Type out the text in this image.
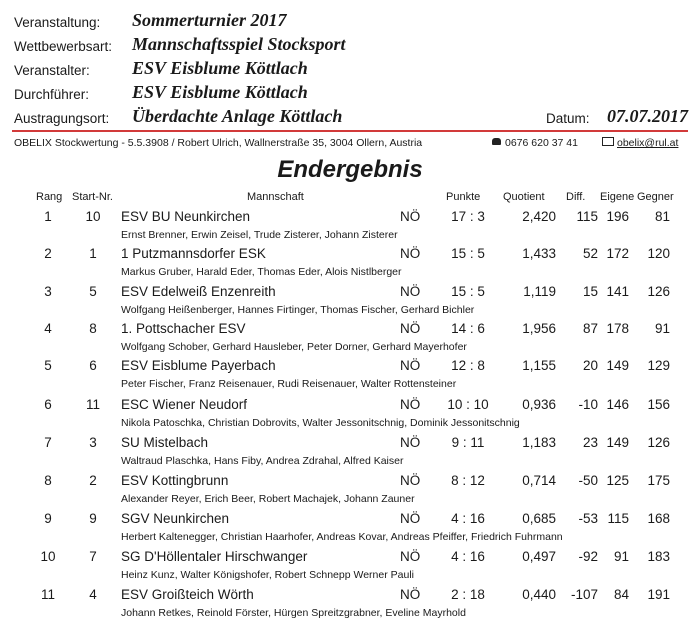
Veranstaltung: Sommerturnier 2017
Wettbewerbsart: Mannschaftsspiel Stocksport
Veranstalter: ESV Eisblume Köttlach
Durchführer: ESV Eisblume Köttlach
Austragungsort: Überdachte Anlage Köttlach	Datum: 07.07.2017
OBELIX Stockwertung - 5.5.3908 / Robert Ulrich, Wallnerstraße 35, 3004 Ollern, Austria	0676 620 37 41	obelix@rul.at
Endergebnis
Rang Start-Nr.	Mannschaft	Punkte Quotient Diff. Eigene Gegner
1	10	ESV BU Neunkirchen	NÖ	17 : 3	2,420	115 196	81
Ernst Brenner, Erwin Zeisel, Trude Zisterer, Johann Zisterer
2	1	1 Putzmannsdorfer ESK	NÖ	15 : 5	1,433	52 172	120
Markus Gruber, Harald Eder, Thomas Eder, Alois Nistlberger
3	5	ESV Edelweiß Enzenreith	NÖ	15 : 5	1,119	15 141	126
Wolfgang Heißenberger, Hannes Firtinger, Thomas Fischer, Gerhard Bichler
4	8	1. Pottschacher ESV	NÖ	14 : 6	1,956	87 178	91
Wolfgang Schober, Gerhard Hausleber, Peter Dorner, Gerhard Mayerhofer
5	6	ESV Eisblume Payerbach	NÖ	12 : 8	1,155	20 149	129
Peter Fischer, Franz Reisenauer, Rudi Reisenauer, Walter Rottensteiner
6	11	ESC Wiener Neudorf	NÖ	10 : 10	0,936	-10 146	156
Nikola Patoschka, Christian Dobrovits, Walter Jessonitschnig, Dominik Jessonitschnig
7	3	SU Mistelbach	NÖ	9 : 11	1,183	23 149	126
Waltraud Plaschka, Hans Fiby, Andrea Zdrahal, Alfred Kaiser
8	2	ESV Kottingbrunn	NÖ	8 : 12	0,714	-50 125	175
Alexander Reyer, Erich Beer, Robert Machajek, Johann Zauner
9	9	SGV Neunkirchen	NÖ	4 : 16	0,685	-53 115	168
Herbert Kaltenegger, Christian Haarhofer, Andreas Kovar, Andreas Pfeiffer, Friedrich Fuhrmann
10	7	SG D'Höllentaler Hirschwanger	NÖ	4 : 16	0,497	-92	91	183
Heinz Kunz, Walter Königshofer, Robert Schnepp Werner Pauli
11	4	ESV Groißteich Wörth	NÖ	2 : 18	0,440	-107	84	191
Johann Retkes, Reinold Förster, Hürgen Spreitzgrabner, Eveline Mayrhold
